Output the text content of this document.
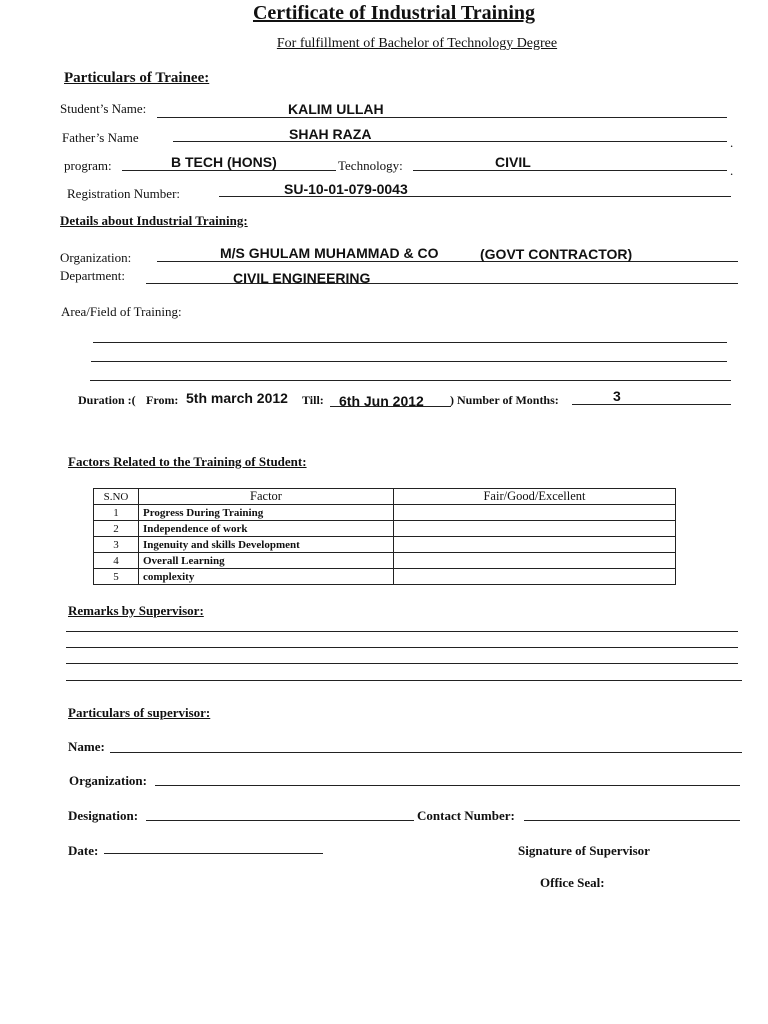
Certificate of Industrial Training
For fulfillment of Bachelor of Technology Degree
Particulars of Trainee:
Student’s Name:	KALIM ULLAH
Father’s Name	SHAH RAZA
.
program:	B TECH (HONS)	Technology:	CIVIL
.
Registration Number:	SU-10-01-079-0043
Details about Industrial Training:
Organization:	M/S GHULAM MUHAMMAD & CO	(GOVT CONTRACTOR)
Department:	CIVIL ENGINEERING
Area/Field of Training:
Duration :( From: 5th march 2012 Till: 6th Jun 2012 ) Number of Months:	3
Factors Related to the Training of Student:
S.NO	Factor	Fair/Good/Excellent
1	Progress During Training	
2	Independence of work	
3	Ingenuity and skills Development	
4	Overall Learning	
5	complexity	
Remarks by Supervisor:
Particulars of supervisor:
Name:
Organization:
Designation:	Contact Number:
Date:	Signature of Supervisor
Office Seal:
